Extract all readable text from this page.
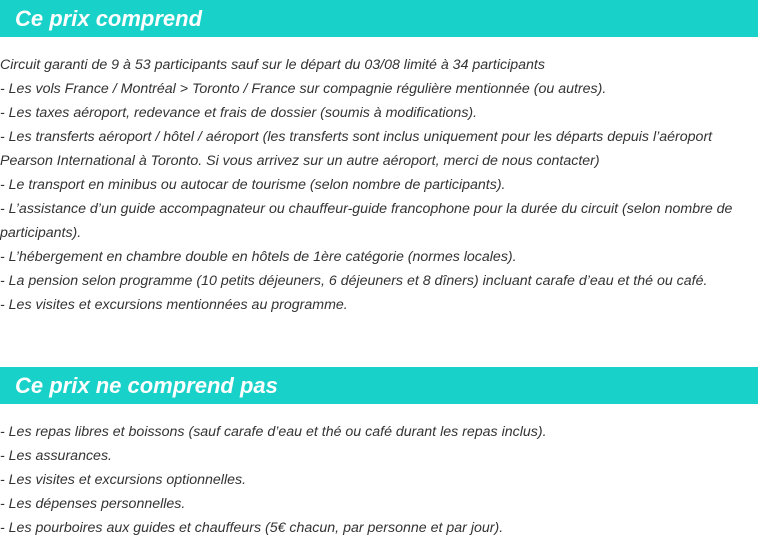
Ce prix comprend
Circuit garanti de 9 à 53 participants sauf sur le départ du 03/08 limité à 34 participants
- Les vols France / Montréal > Toronto / France sur compagnie régulière mentionnée (ou autres).
- Les taxes aéroport, redevance et frais de dossier (soumis à modifications).
- Les transferts aéroport / hôtel / aéroport (les transferts sont inclus uniquement pour les départs depuis l’aéroport Pearson International à Toronto. Si vous arrivez sur un autre aéroport, merci de nous contacter)
- Le transport en minibus ou autocar de tourisme (selon nombre de participants).
- L’assistance d’un guide accompagnateur ou chauffeur-guide francophone pour la durée du circuit (selon nombre de participants).
- L’hébergement en chambre double en hôtels de 1ère catégorie (normes locales).
- La pension selon programme (10 petits déjeuners, 6 déjeuners et 8 dîners) incluant carafe d’eau et thé ou café.
- Les visites et excursions mentionnées au programme.
Ce prix ne comprend pas
- Les repas libres et boissons (sauf carafe d’eau et thé ou café durant les repas inclus).
- Les assurances.
- Les visites et excursions optionnelles.
- Les dépenses personnelles.
- Les pourboires aux guides et chauffeurs (5€ chacun, par personne et par jour).
